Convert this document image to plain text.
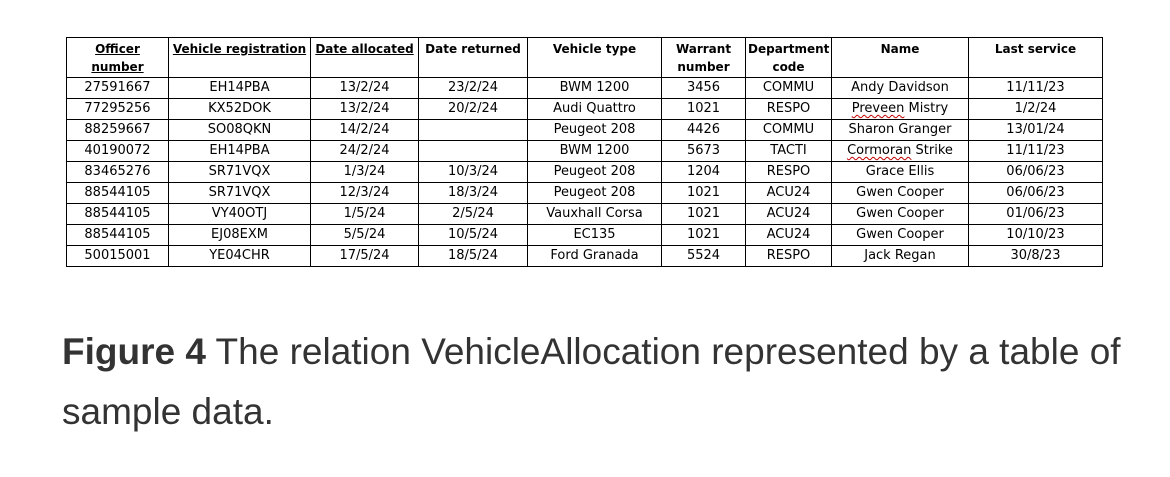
Officer number	Vehicle registration	Date allocated	Date returned	Vehicle type	Warrant number	Department code	Name	Last service
27591667	EH14PBA	13/2/24	23/2/24	BWM 1200	3456	COMMU	Andy Davidson	11/11/23
77295256	KX52DOK	13/2/24	20/2/24	Audi Quattro	1021	RESPO	Preveen Mistry	1/2/24
88259667	SO08QKN	14/2/24		Peugeot 208	4426	COMMU	Sharon Granger	13/01/24
40190072	EH14PBA	24/2/24		BWM 1200	5673	TACTI	Cormoran Strike	11/11/23
83465276	SR71VQX	1/3/24	10/3/24	Peugeot 208	1204	RESPO	Grace Ellis	06/06/23
88544105	SR71VQX	12/3/24	18/3/24	Peugeot 208	1021	ACU24	Gwen Cooper	06/06/23
88544105	VY40OTJ	1/5/24	2/5/24	Vauxhall Corsa	1021	ACU24	Gwen Cooper	01/06/23
88544105	EJ08EXM	5/5/24	10/5/24	EC135	1021	ACU24	Gwen Cooper	10/10/23
50015001	YE04CHR	17/5/24	18/5/24	Ford Granada	5524	RESPO	Jack Regan	30/8/23
Figure 4 The relation VehicleAllocation represented by a table of sample data.
